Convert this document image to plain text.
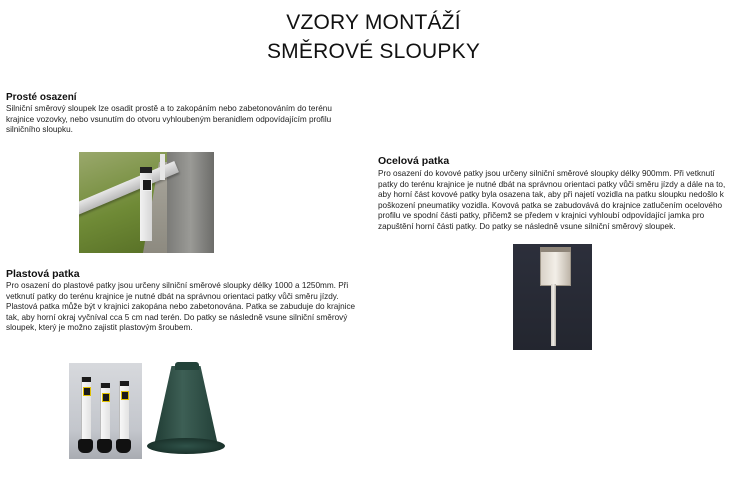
VZORY MONTÁŽÍ
SMĚROVÉ SLOUPKY
Prosté osazení
Silniční směrový sloupek lze osadit prostě a to zakopáním nebo zabetonováním do terénu krajnice vozovky, nebo vsunutím do otvoru vyhloubeným beranidlem odpovídajícím profilu silničního sloupku.
Plastová patka
Pro osazení do plastové patky jsou určeny silniční směrové sloupky délky 1000 a 1250mm. Při vetknutí patky do terénu krajnice je nutné dbát na správnou orientaci patky vůči směru jízdy. Plastová patka může být v krajnici zakopána nebo zabetonována. Patka se zabuduje do krajnice tak, aby horní okraj vyčníval cca 5 cm nad terén. Do patky se následně vsune silniční směrový sloupek, který je možno zajistit plastovým šroubem.
Ocelová patka
Pro osazení do kovové patky jsou určeny silniční směrové sloupky délky 900mm. Při vetknutí patky do terénu krajnice je nutné dbát na správnou orientaci patky vůči směru jízdy a dále na to, aby horní část kovové patky byla osazena tak, aby při najetí vozidla na patku sloupku nedošlo k poškození pneumatiky vozidla. Kovová patka se zabudovává do krajnice zatlučením ocelového profilu ve spodní části patky, přičemž se předem v krajnici vyhloubí odpovídající jamka pro zapuštění horní části patky. Do patky se následně vsune silniční směrový sloupek.
